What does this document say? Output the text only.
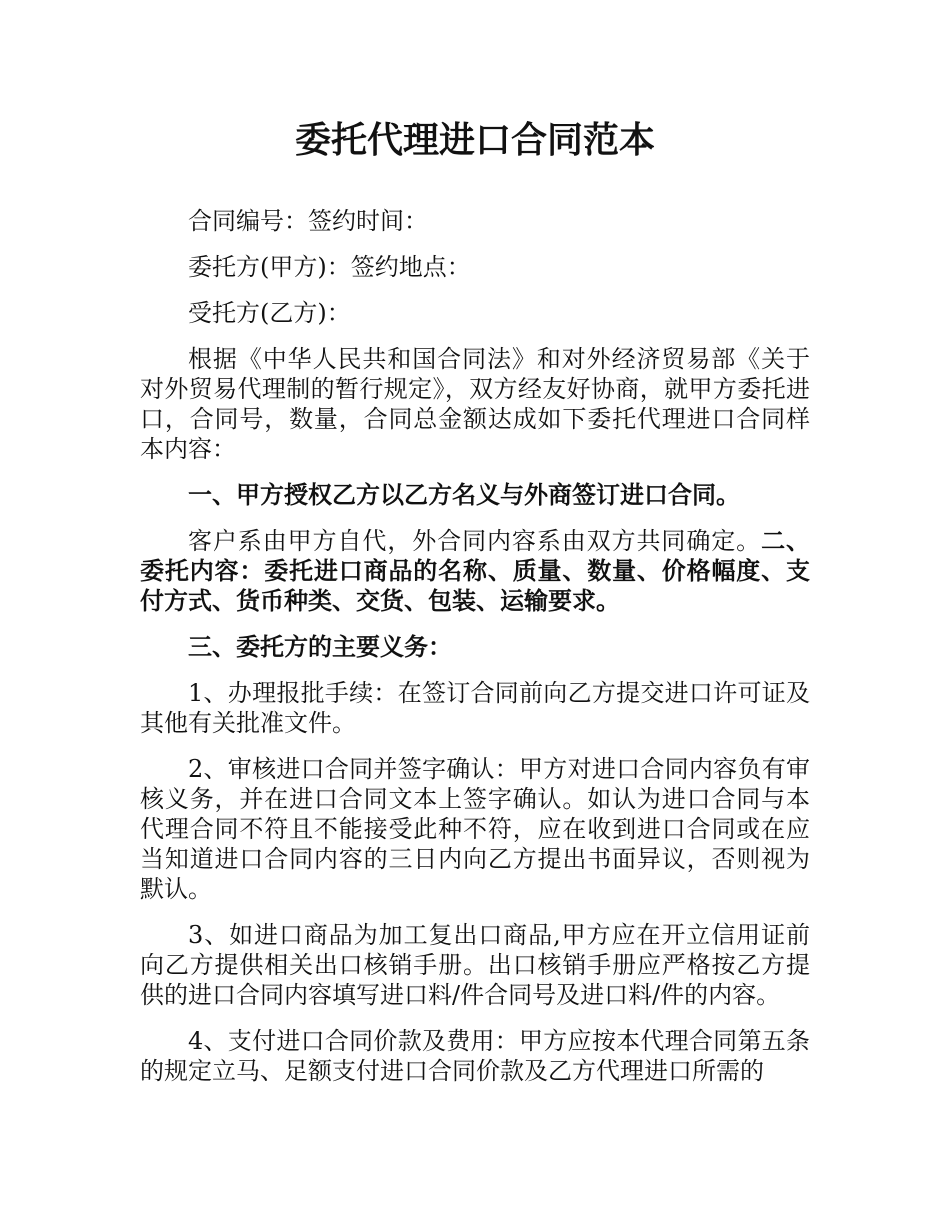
委托代理进口合同范本

合同编号：签约时间：

委托方(甲方)：签约地点：

受托方(乙方)：

根据《中华人民共和国合同法》和对外经济贸易部《关于对外贸易代理制的暂行规定》，双方经友好协商，就甲方委托进口，合同号，数量，合同总金额达成如下委托代理进口合同样本内容：

一、甲方授权乙方以乙方名义与外商签订进口合同。

客户系由甲方自代，外合同内容系由双方共同确定。二、委托内容：委托进口商品的名称、质量、数量、价格幅度、支付方式、货币种类、交货、包装、运输要求。

三、委托方的主要义务：

1、办理报批手续：在签订合同前向乙方提交进口许可证及其他有关批准文件。

2、审核进口合同并签字确认：甲方对进口合同内容负有审核义务，并在进口合同文本上签字确认。如认为进口合同与本代理合同不符且不能接受此种不符，应在收到进口合同或在应当知道进口合同内容的三日内向乙方提出书面异议，否则视为默认。

3、如进口商品为加工复出口商品,甲方应在开立信用证前向乙方提供相关出口核销手册。出口核销手册应严格按乙方提供的进口合同内容填写进口料/件合同号及进口料/件的内容。

4、支付进口合同价款及费用：甲方应按本代理合同第五条的规定立马、足额支付进口合同价款及乙方代理进口所需的
